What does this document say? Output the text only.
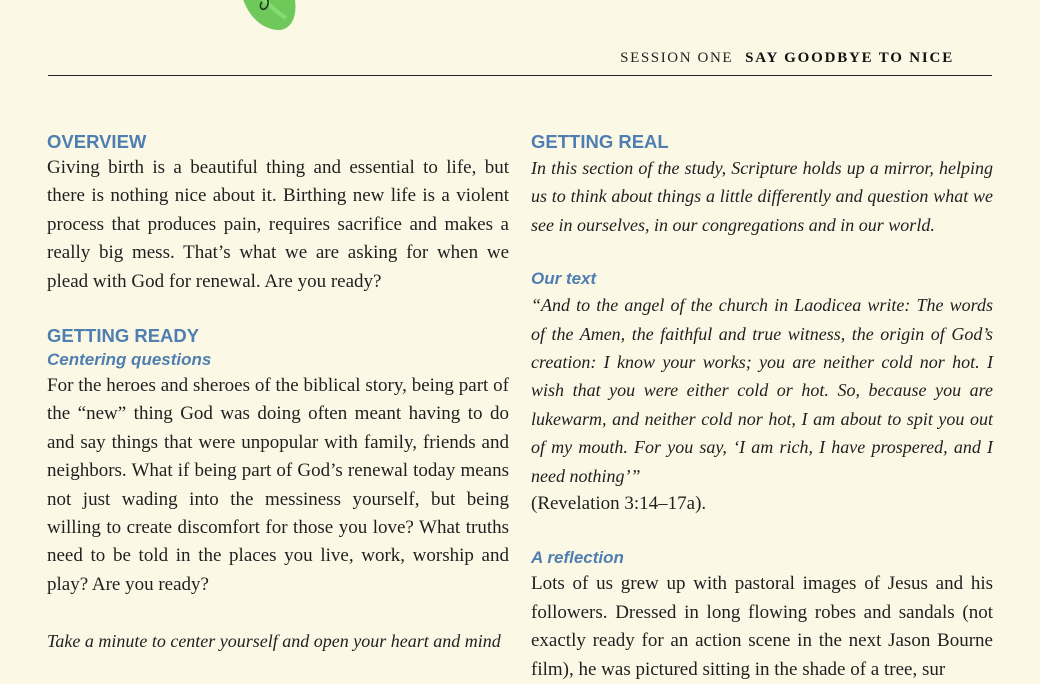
SESSION ONE SAY GOODBYE TO NICE
OVERVIEW

Giving birth is a beautiful thing and essential to life, but there is nothing nice about it. Birthing new life is a violent process that produces pain, requires sacrifice and makes a really big mess. That’s what we are asking for when we plead with God for renewal. Are you ready?

GETTING READY
Centering questions

For the heroes and sheroes of the biblical story, being part of the “new” thing God was doing often meant having to do and say things that were unpopular with family, friends and neighbors. What if being part of God’s renewal today means not just wading into the messiness yourself, but being willing to create discomfort for those you love? What truths need to be told in the places you live, work, worship and play? Are you ready?

Take a minute to center yourself and open your heart and mind

GETTING REAL

In this section of the study, Scripture holds up a mirror, helping us to think about things a little differently and question what we see in ourselves, in our congregations and in our world.

Our text

“And to the angel of the church in Laodicea write: The words of the Amen, the faithful and true witness, the origin of God’s creation: I know your works; you are neither cold nor hot. I wish that you were either cold or hot. So, because you are lukewarm, and neither cold nor hot, I am about to spit you out of my mouth. For you say, ‘I am rich, I have prospered, and I need nothing’”

(Revelation 3:14–17a).

A reflection

Lots of us grew up with pastoral images of Jesus and his followers. Dressed in long flowing robes and sandals (not exactly ready for an action scene in the next Jason Bourne film), he was pictured sitting in the shade of a tree, sur
